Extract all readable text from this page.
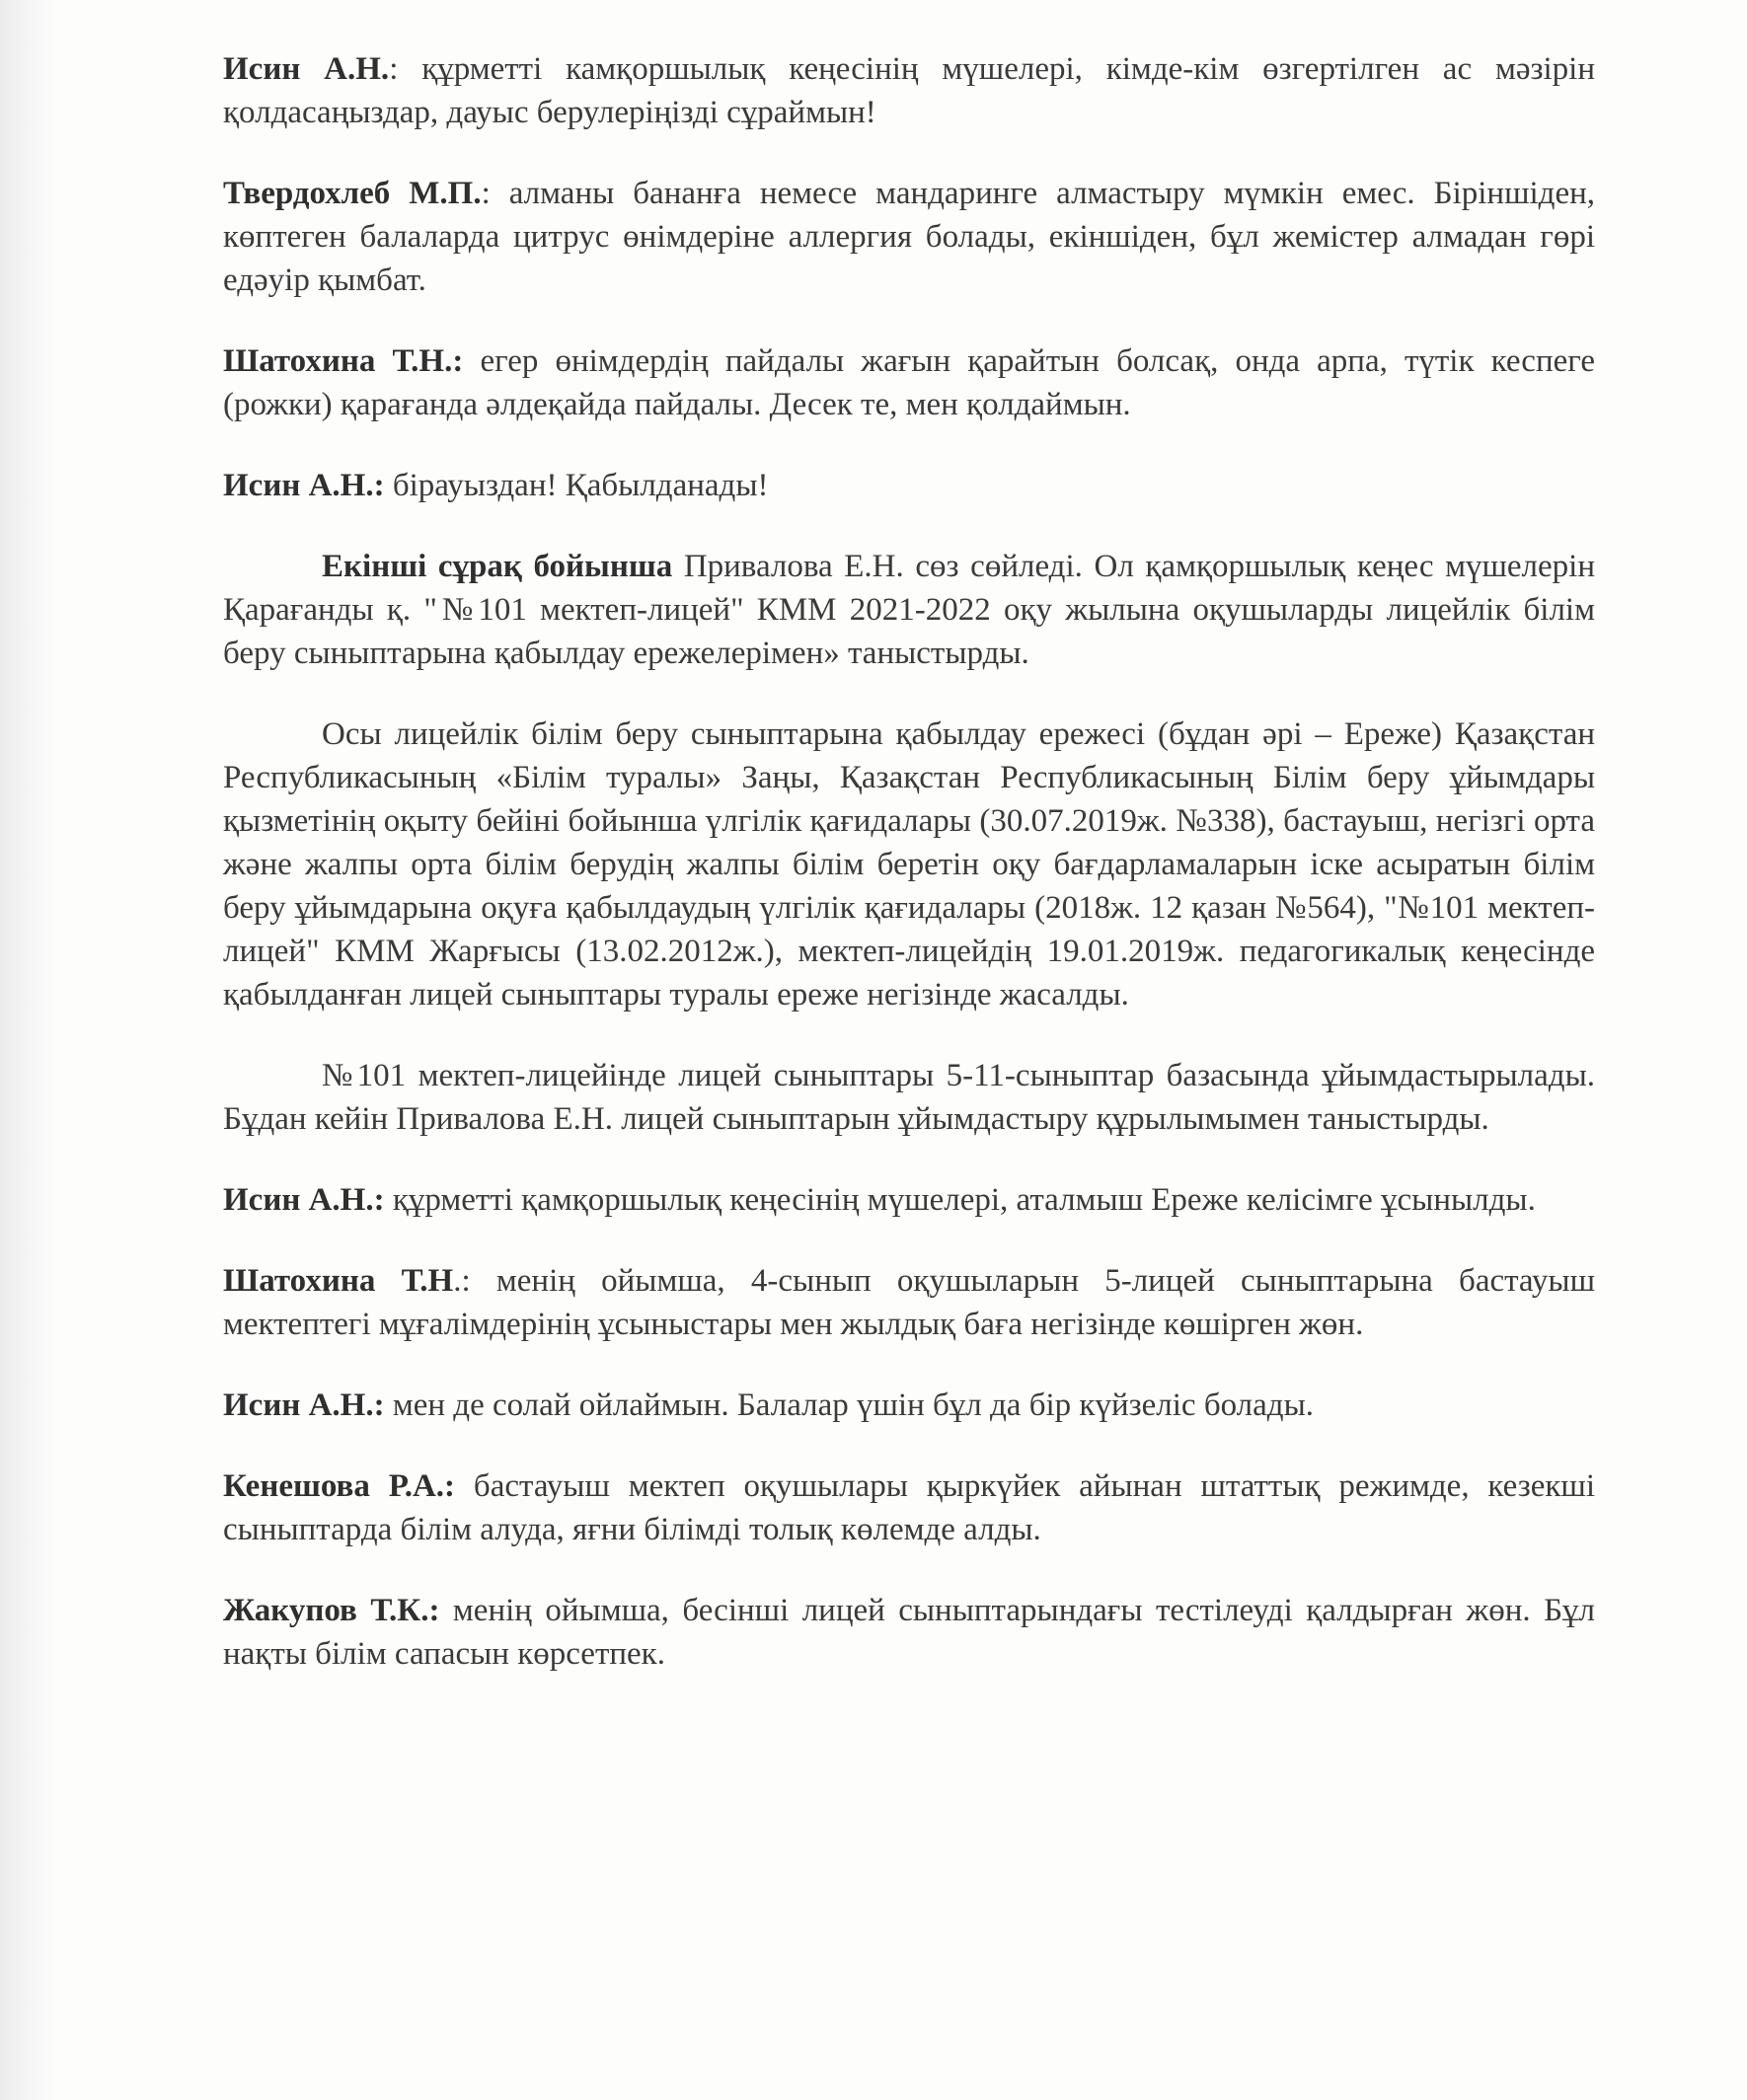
Исин А.Н.: құрметті камқоршылық кеңесінің мүшелері, кімде-кім өзгертілген ас мәзірін қолдасаңыздар, дауыс берулеріңізді сұраймын!

Твердохлеб М.П.: алманы бананға немесе мандаринге алмастыру мүмкін емес. Біріншіден, көптеген балаларда цитрус өнімдеріне аллергия болады, екіншіден, бұл жемістер алмадан гөрі едәуір қымбат.

Шатохина Т.Н.: егер өнімдердің пайдалы жағын қарайтын болсақ, онда арпа, түтік кеспеге (рожки) қарағанда әлдеқайда пайдалы. Десек те, мен қолдаймын.

Исин А.Н.: бірауыздан! Қабылданады!

Екінші сұрақ бойынша Привалова Е.Н. сөз сөйледі. Ол қамқоршылық кеңес мүшелерін Қарағанды қ. "№101 мектеп-лицей" КММ 2021-2022 оқу жылына оқушыларды лицейлік білім беру сыныптарына қабылдау ережелерімен» таныстырды.

Осы лицейлік білім беру сыныптарына қабылдау ережесі (бұдан әрі – Ереже) Қазақстан Республикасының «Білім туралы» Заңы, Қазақстан Республикасының Білім беру ұйымдары қызметінің оқыту бейіні бойынша үлгілік қағидалары (30.07.2019ж. №338), бастауыш, негізгі орта және жалпы орта білім берудің жалпы білім беретін оқу бағдарламаларын іске асыратын білім беру ұйымдарына оқуға қабылдаудың үлгілік қағидалары (2018ж. 12 қазан №564), "№101 мектеп-лицей" КММ Жарғысы (13.02.2012ж.), мектеп-лицейдің 19.01.2019ж. педагогикалық кеңесінде қабылданған лицей сыныптары туралы ереже негізінде жасалды.

№101 мектеп-лицейінде лицей сыныптары 5-11-сыныптар базасында ұйымдастырылады. Бұдан кейін Привалова Е.Н. лицей сыныптарын ұйымдастыру құрылымымен таныстырды.

Исин А.Н.: құрметті қамқоршылық кеңесінің мүшелері, аталмыш Ереже келісімге ұсынылды.

Шатохина Т.Н.: менің ойымша, 4-сынып оқушыларын 5-лицей сыныптарына бастауыш мектептегі мұғалімдерінің ұсыныстары мен жылдық баға негізінде көшірген жөн.

Исин А.Н.: мен де солай ойлаймын. Балалар үшін бұл да бір күйзеліс болады.

Кенешова Р.А.: бастауыш мектеп оқушылары қыркүйек айынан штаттық режимде, кезекші сыныптарда білім алуда, яғни білімді толық көлемде алды.

Жакупов Т.К.: менің ойымша, бесінші лицей сыныптарындағы тестілеуді қалдырған жөн. Бұл нақты білім сапасын көрсетпек.
